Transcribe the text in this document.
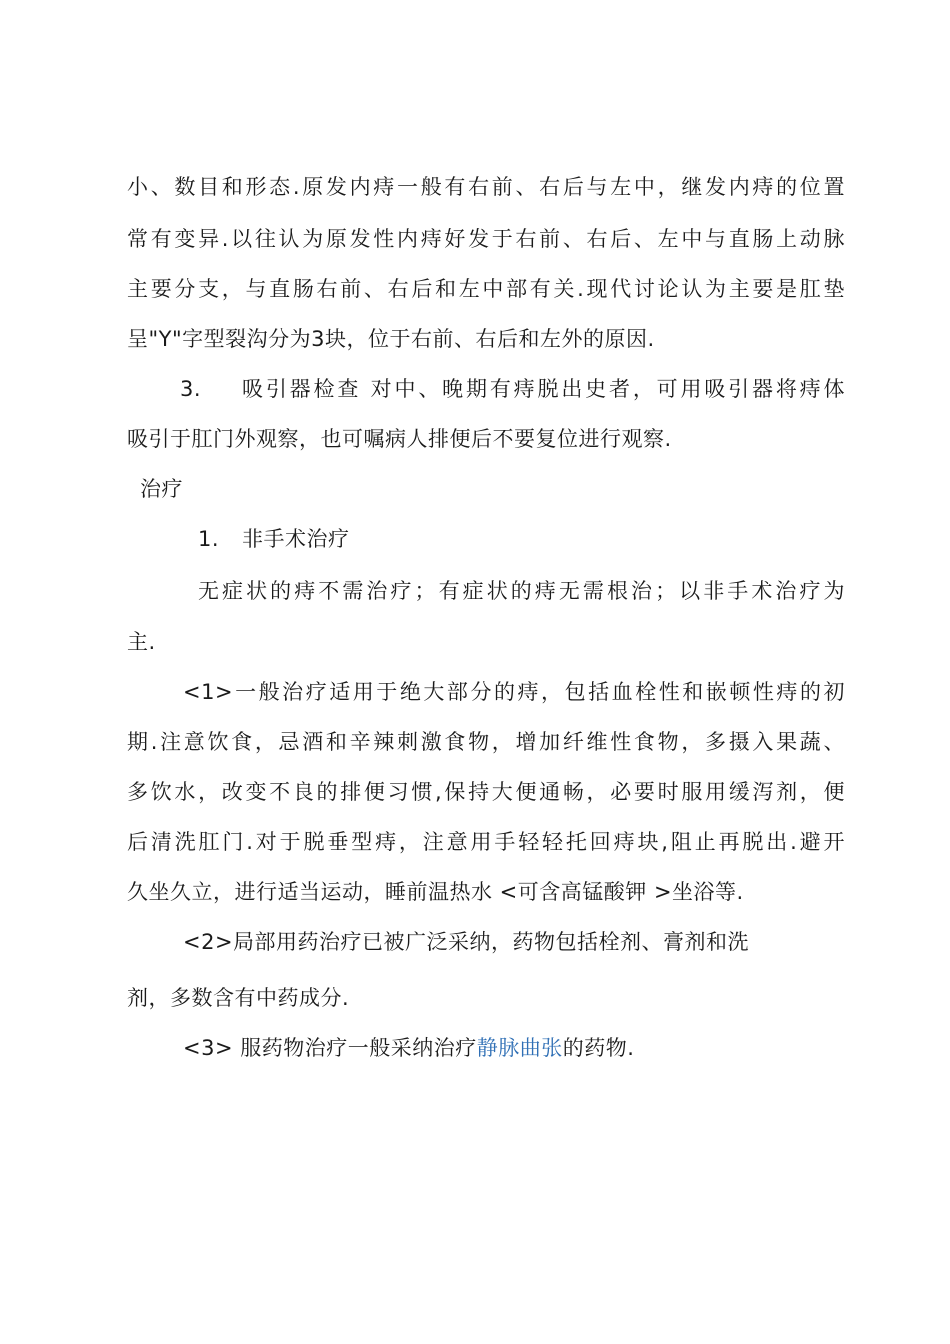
小、数目和形态.原发内痔一般有右前、右后与左中，继发内痔的位置
常有变异.以往认为原发性内痔好发于右前、右后、左中与直肠上动脉
主要分支，与直肠右前、右后和左中部有关.现代讨论认为主要是肛垫
呈"Y"字型裂沟分为3块，位于右前、右后和左外的原因.
3. 吸引器检查 对中、晚期有痔脱出史者，可用吸引器将痔体
吸引于肛门外观察，也可嘱病人排便后不要复位进行观察.
治疗
1. 非手术治疗
无症状的痔不需治疗；有症状的痔无需根治；以非手术治疗为
主.
<1>一般治疗适用于绝大部分的痔，包括血栓性和嵌顿性痔的初
期.注意饮食，忌酒和辛辣刺激食物，增加纤维性食物，多摄入果蔬、
多饮水，改变不良的排便习惯,保持大便通畅，必要时服用缓泻剂，便
后清洗肛门.对于脱垂型痔，注意用手轻轻托回痔块,阻止再脱出.避开
久坐久立，进行适当运动，睡前温热水 <可含高锰酸钾 >坐浴等.
<2>局部用药治疗已被广泛采纳，药物包括栓剂、膏剂和洗
剂，多数含有中药成分.
<3> 服药物治疗一般采纳治疗静脉曲张的药物.
